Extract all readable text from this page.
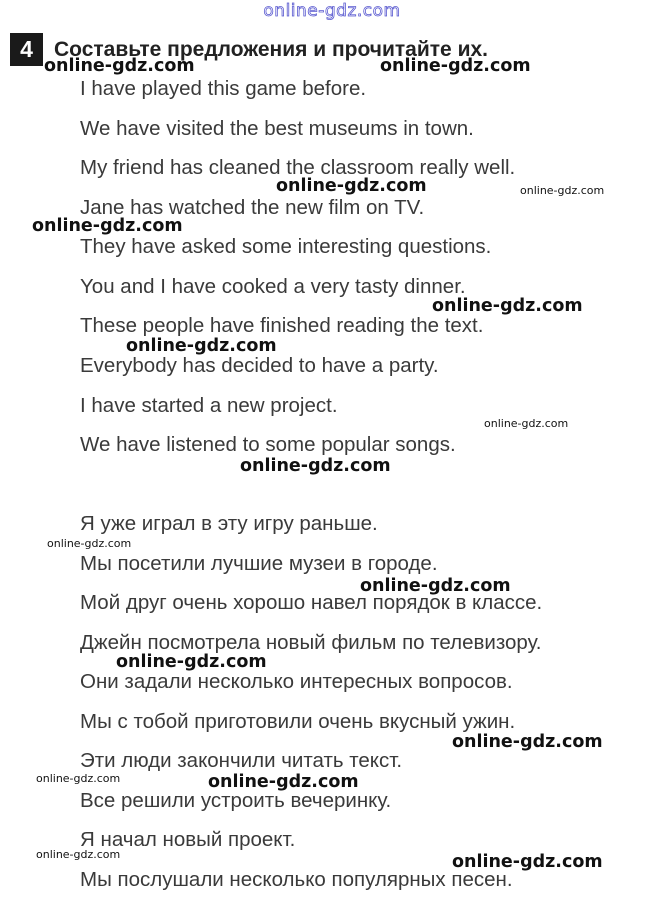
online-gdz.com
4	Составьте предложения и прочитайте их.
I have played this game before.
We have visited the best museums in town.
My friend has cleaned the classroom really well.
Jane has watched the new film on TV.
They have asked some interesting questions.
You and I have cooked a very tasty dinner.
These people have finished reading the text.
Everybody has decided to have a party.
I have started a new project.
We have listened to some popular songs.
Я уже играл в эту игру раньше.
Мы посетили лучшие музеи в городе.
Мой друг очень хорошо навел порядок в классе.
Джейн посмотрела новый фильм по телевизору.
Они задали несколько интересных вопросов.
Мы с тобой приготовили очень вкусный ужин.
Эти люди закончили читать текст.
Все решили устроить вечеринку.
Я начал новый проект.
Мы послушали несколько популярных песен.
online-gdz.com	online-gdz.com
online-gdz.com	online-gdz.com
online-gdz.com
online-gdz.com
online-gdz.com
online-gdz.com
online-gdz.com
online-gdz.com
online-gdz.com
online-gdz.com
online-gdz.com
online-gdz.com	online-gdz.com
online-gdz.com	online-gdz.com
